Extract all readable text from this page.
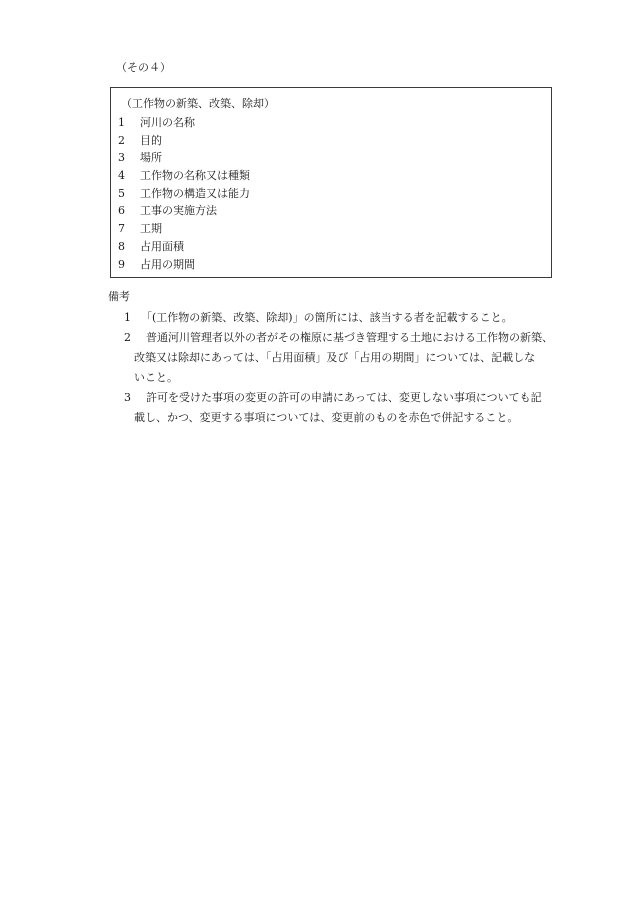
（その４）
（工作物の新築、改築、除却）
1 河川の名称
2 目的
3 場所
4 工作物の名称又は種類
5 工作物の構造又は能力
6 工事の実施方法
7 工期
8 占用面積
9 占用の期間
備考
1 「(工作物の新築、改築、除却)」の箇所には、該当する者を記載すること。
2 普通河川管理者以外の者がその権原に基づき管理する土地における工作物の新築、
改築又は除却にあっては、「占用面積」及び「占用の期間」については、記載しな
いこと。
3 許可を受けた事項の変更の許可の申請にあっては、変更しない事項についても記
載し、かつ、変更する事項については、変更前のものを赤色で併記すること。
